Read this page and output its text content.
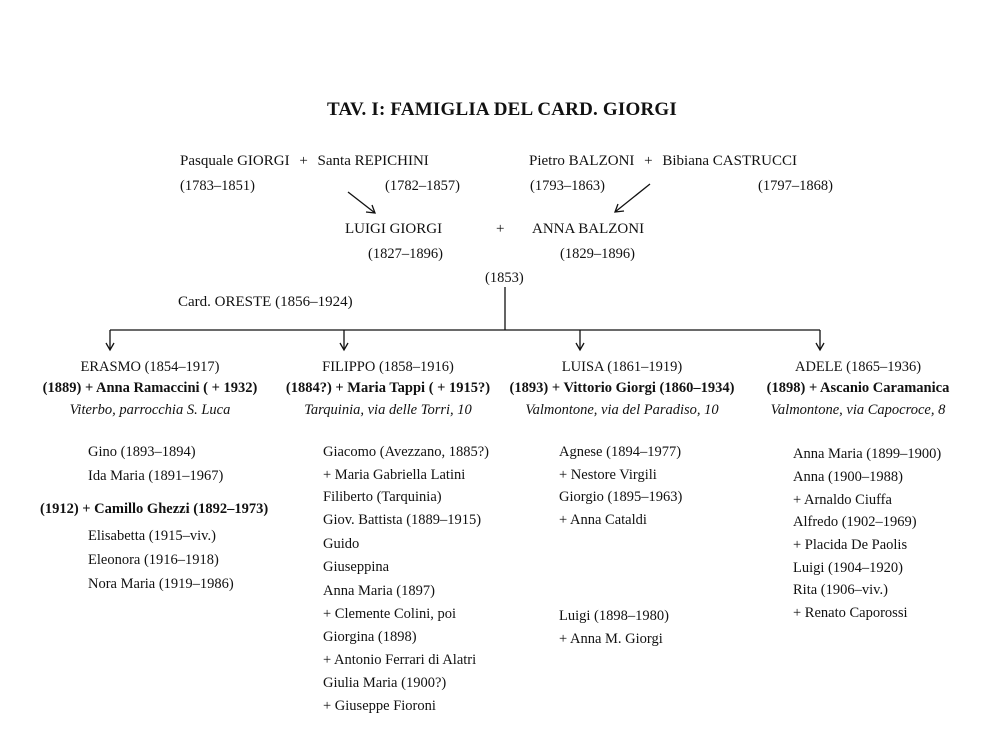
TAV. I: FAMIGLIA DEL CARD. GIORGI
Pasquale GIORGI + Santa REPICHINI
(1783–1851)	(1782–1857)
Pietro BALZONI + Bibiana CASTRUCCI
(1793–1863)	(1797–1868)
LUIGI GIORGI
(1827–1896)
+ ANNA BALZONI
(1829–1896)
(1853)
Card. ORESTE (1856–1924)
ERASMO (1854–1917)
(1889) + Anna Ramaccini ( + 1932)
Viterbo, parrocchia S. Luca
FILIPPO (1858–1916)
(1884?) + Maria Tappi ( + 1915?)
Tarquinia, via delle Torri, 10
LUISA (1861–1919)
(1893) + Vittorio Giorgi (1860–1934)
Valmontone, via del Paradiso, 10
ADELE (1865–1936)
(1898) + Ascanio Caramanica
Valmontone, via Capocroce, 8
Gino (1893–1894)
Ida Maria (1891–1967)
(1912) + Camillo Ghezzi (1892–1973)
Elisabetta (1915–viv.)
Eleonora (1916–1918)
Nora Maria (1919–1986)
Giacomo (Avezzano, 1885?)
+ Maria Gabriella Latini
Filiberto (Tarquinia)
Giov. Battista (1889–1915)
Guido
Giuseppina
Anna Maria (1897)
+ Clemente Colini, poi
Giorgina (1898)
+ Antonio Ferrari di Alatri
Giulia Maria (1900?)
+ Giuseppe Fioroni
Agnese (1894–1977)
+ Nestore Virgili
Giorgio (1895–1963)
+ Anna Cataldi
Luigi (1898–1980)
+ Anna M. Giorgi
Anna Maria (1899–1900)
Anna (1900–1988)
+ Arnaldo Ciuffa
Alfredo (1902–1969)
+ Placida De Paolis
Luigi (1904–1920)
Rita (1906–viv.)
+ Renato Caporossi
